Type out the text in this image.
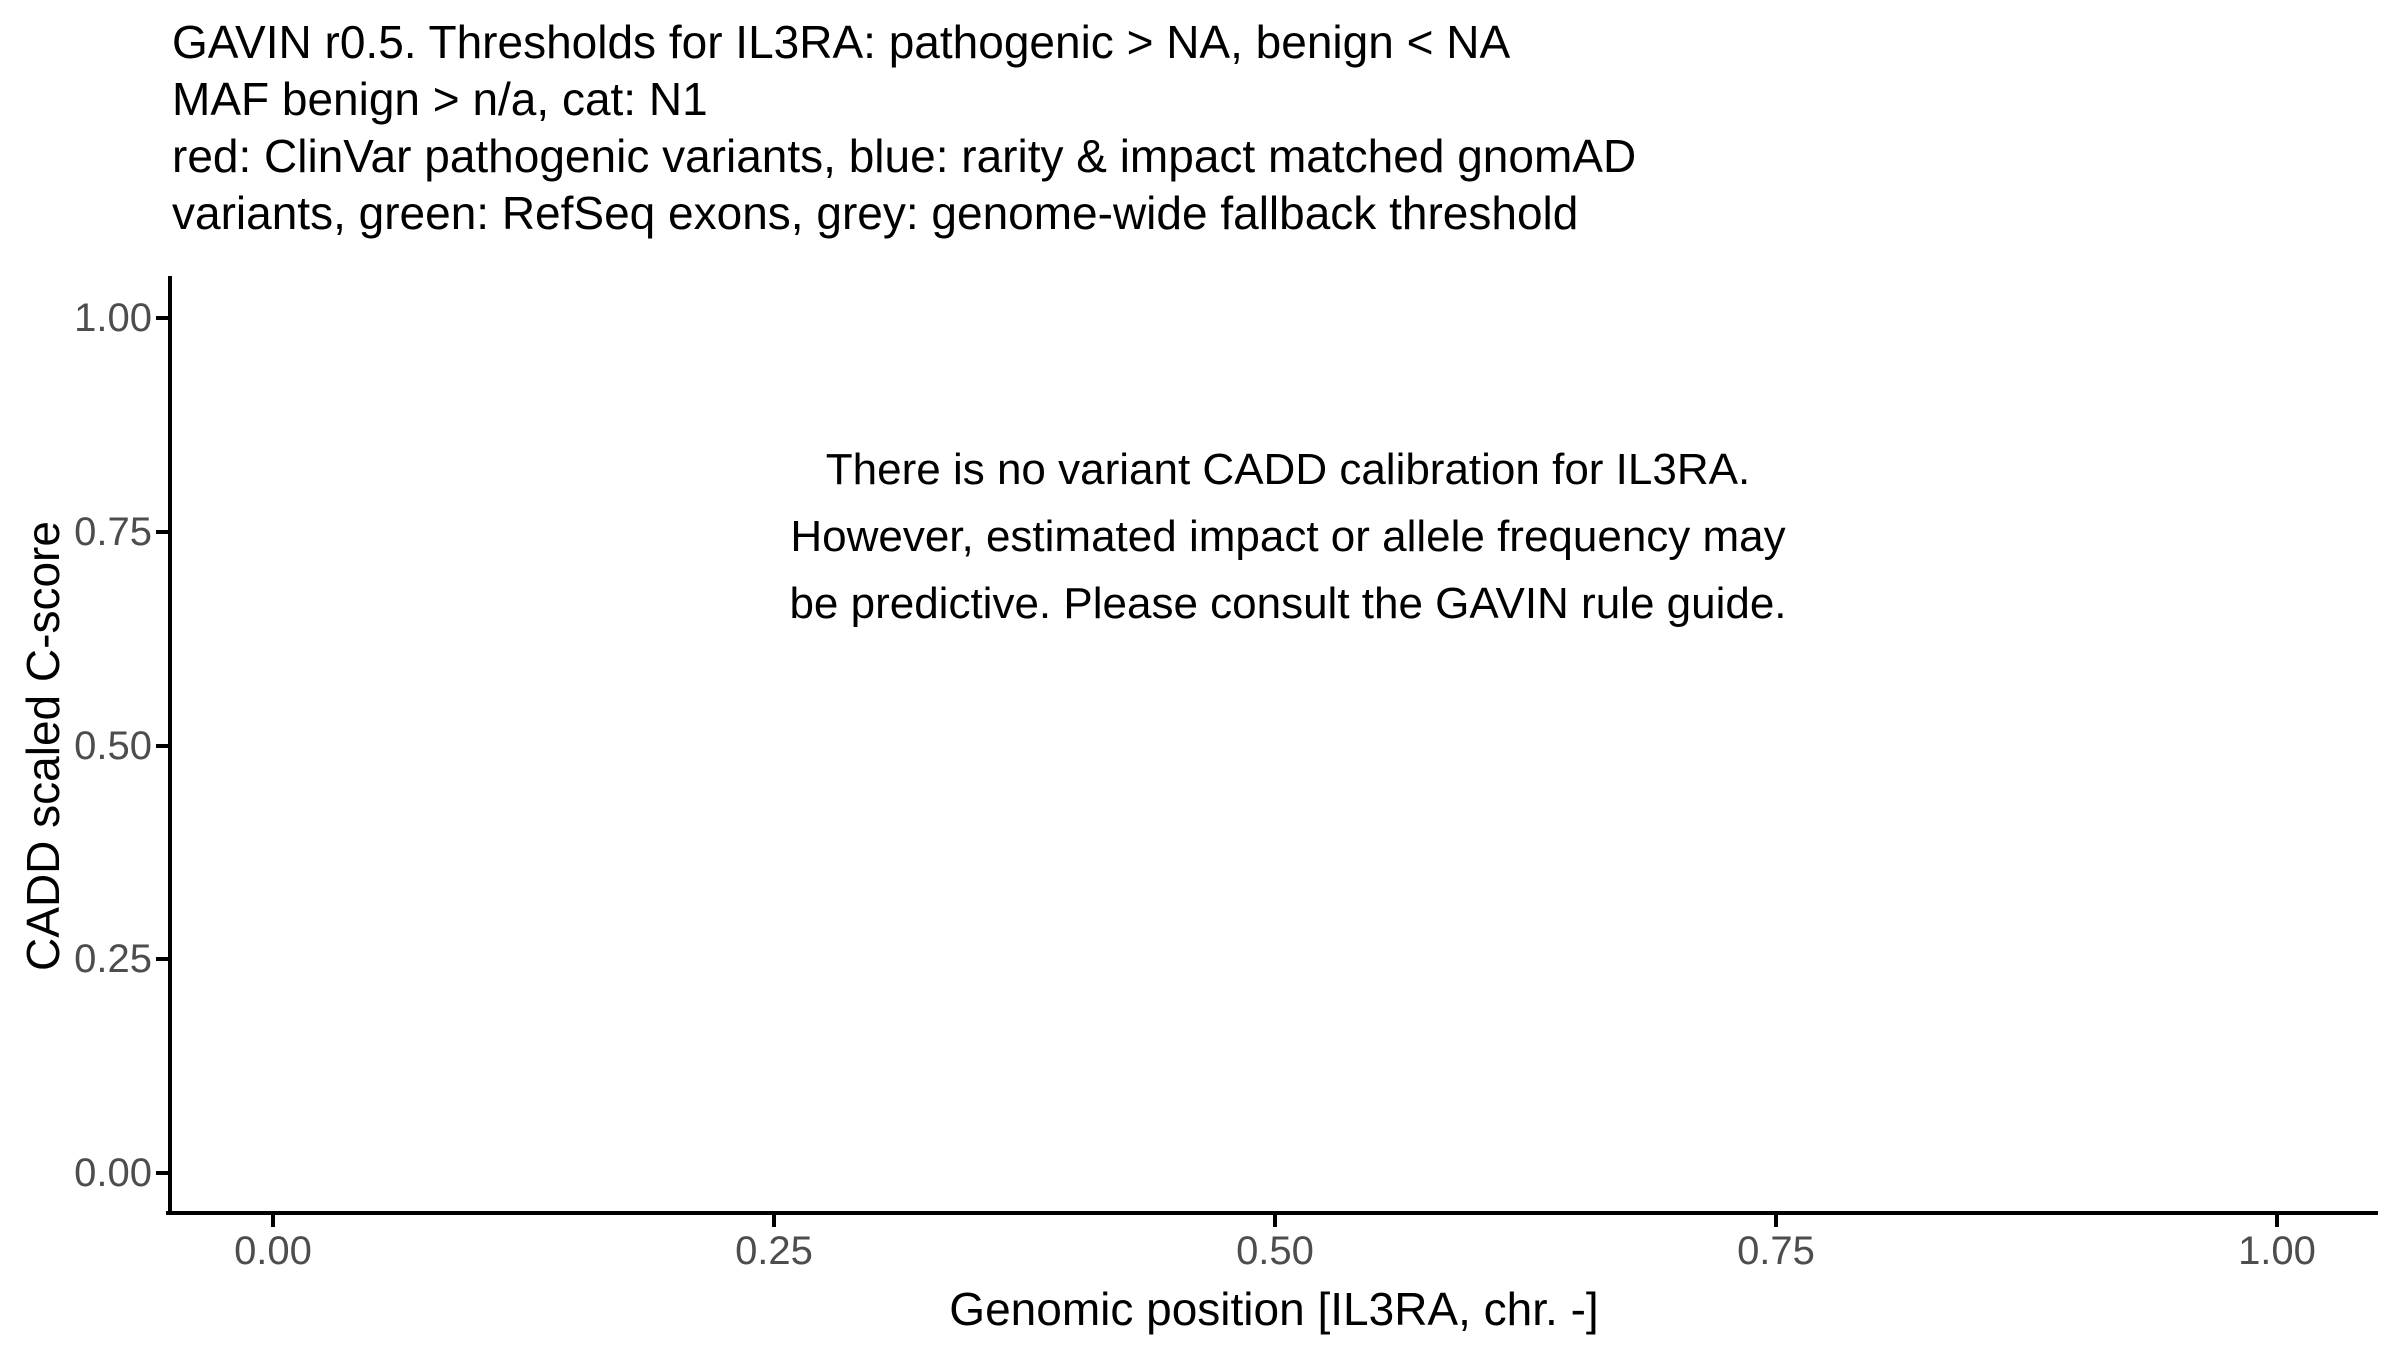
GAVIN r0.5. Thresholds for IL3RA: pathogenic > NA, benign < NA
MAF benign > n/a, cat: N1
red: ClinVar pathogenic variants, blue: rarity & impact matched gnomAD
variants, green: RefSeq exons, grey: genome-wide fallback threshold
1.00
0.75
0.50
0.25
0.00
0.00	0.25	0.50	0.75	1.00
Genomic position [IL3RA, chr. -]
CADD scaled C-score
There is no variant CADD calibration for IL3RA.
However, estimated impact or allele frequency may
be predictive. Please consult the GAVIN rule guide.
